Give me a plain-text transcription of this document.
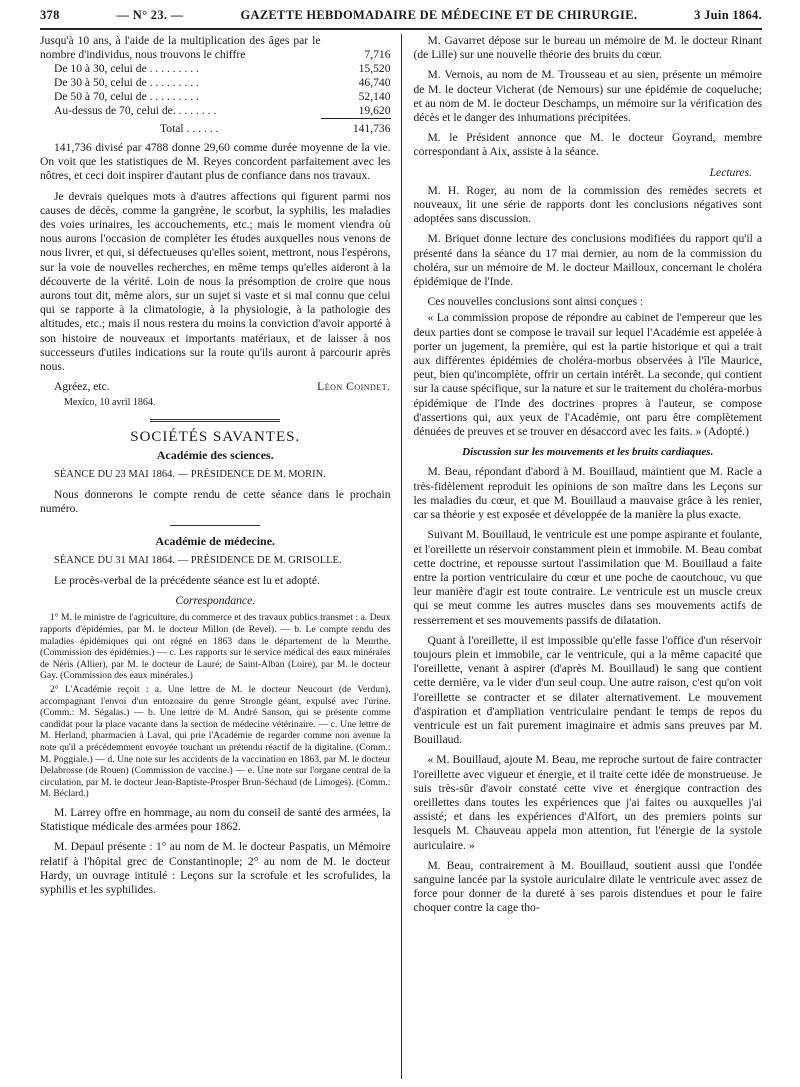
378	— N° 23. —	GAZETTE HEBDOMADAIRE DE MÉDECINE ET DE CHIRURGIE.	3 Juin 1864.
Jusqu'à 10 ans, à l'aide de la multiplication des âges par le nombre d'individus, nous trouvons le chiffre	7,716
De 10 à 30, celui de . . . . . . . . .	15,520
De 30 à 50, celui de . . . . . . . . .	46,740
De 50 à 70, celui de . . . . . . . . .	52,140
Au-dessus de 70, celui de. . . . . . . .	19,620
Total . . . . . .	141,736

141,736 divisé par 4788 donne 29,60 comme durée moyenne de la vie. On voit que les statistiques de M. Reyes concordent parfaitement avec les nôtres, et ceci doit inspirer d'autant plus de confiance dans nos travaux.

Je devrais quelques mots à d'autres affections qui figurent parmi nos causes de décès, comme la gangrène, le scorbut, la syphilis, les maladies des voies urinaires, les accouchements, etc.; mais le moment viendra où nous aurons l'occasion de compléter les études auxquelles nous venons de nous livrer, et qui, si défectueuses qu'elles soient, mettront, nous l'espérons, sur la voie de nouvelles recherches, en même temps qu'elles aideront à la découverte de la vérité. Loin de nous la présomption de croire que nous aurons tout dit, même alors, sur un sujet si vaste et si mal connu que celui qui se rapporte à la climatologie, à la physiologie, à la pathologie des altitudes, etc.; mais il nous restera du moins la conviction d'avoir apporté à son histoire de nouveaux et importants matériaux, et de laisser à nos successeurs d'utiles indications sur la route qu'ils auront à parcourir après nous.

Agréez, etc.	Léon Coindet.
Mexico, 10 avril 1864.
SOCIÉTÉS SAVANTES.
Académie des sciences.
SÉANCE DU 23 MAI 1864. — PRÉSIDENCE DE M. MORIN.

Nous donnerons le compte rendu de cette séance dans le prochain numéro.

Académie de médecine.
SÉANCE DU 31 MAI 1864. — PRÉSIDENCE DE M. GRISOLLE.

Le procès-verbal de la précédente séance est lu et adopté.

Correspondance.

1° M. le ministre de l'agriculture, du commerce et des travaux publics transmet : a. Deux rapports d'épidémies, par M. le docteur Millon (de Revel). — b. Le compte rendu des maladies épidémiques qui ont régné en 1863 dans le département de la Meurthe. (Commission des épidémies.) — c. Les rapports sur le service médical des eaux minérales de Néris (Allier), par M. le docteur de Lauré; de Saint-Alban (Loire), par M. le docteur Gay. (Commission des eaux minérales.)

2° L'Académie reçoit : a. Une lettre de M. le docteur Neucourt (de Verdun), accompagnant l'envoi d'un entozoaire du genre Strongle géant, expulsé avec l'urine. (Comm.: M. Ségalas.) — b. Une lettre de M. André Sanson, qui se présente comme candidat pour la place vacante dans la section de médecine vétérinaire. — c. Une lettre de M. Herland, pharmacien à Laval, qui prie l'Académie de regarder comme non avenue la note qu'il a précédemment envoyée touchant un prétendu réactif de la digitaline. (Comm.: M. Poggiale.) — d. Une note sur les accidents de la vaccination en 1863, par M. le docteur Delabrosse (de Rouen) (Commission de vaccine.) — e. Une note sur l'organe central de la circulation, par M. le docteur Jean-Baptiste-Prosper Brun-Séchaud (de Limoges). (Comm.: M. Béclard.)

M. Larrey offre en hommage, au nom du conseil de santé des armées, la Statistique médicale des armées pour 1862.

M. Depaul présente : 1° au nom de M. le docteur Paspatis, un Mémoire relatif à l'hôpital grec de Constantinople; 2° au nom de M. le docteur Hardy, un ouvrage intitulé : Leçons sur la scrofule et les scrofulides, la syphilis et les syphilides.

M. Gavarret dépose sur le bureau un mémoire de M. le docteur Rinant (de Lille) sur une nouvelle théorie des bruits du cœur.

M. Vernois, au nom de M. Trousseau et au sien, présente un mémoire de M. le docteur Vicherat (de Nemours) sur une épidémie de coqueluche; et au nom de M. le docteur Deschamps, un mémoire sur la vérification des décès et le danger des inhumations précipitées.

M. le Président annonce que M. le docteur Goyrand, membre correspondant à Aix, assiste à la séance.

Lectures.

M. H. Roger, au nom de la commission des remèdes secrets et nouveaux, lit une série de rapports dont les conclusions négatives sont adoptées sans discussion.

M. Briquet donne lecture des conclusions modifiées du rapport qu'il a présenté dans la séance du 17 mai dernier, au nom de la commission du choléra, sur un mémoire de M. le docteur Mailloux, concernant le choléra épidémique de l'Inde.

Ces nouvelles conclusions sont ainsi conçues :

« La commission propose de répondre au cabinet de l'empereur que les deux parties dont se compose le travail sur lequel l'Académie est appelée à porter un jugement, la première, qui est la partie historique et qui a trait aux différentes épidémies de choléra-morbus observées à l'île Maurice, peut, bien qu'incomplète, offrir un certain intérêt. La seconde, qui contient sur la cause spécifique, sur la nature et sur le traitement du choléra-morbus épidémique de l'Inde des doctrines propres à l'auteur, se compose d'assertions qui, aux yeux de l'Académie, ont paru être complètement dénuées de preuves et se trouver en désaccord avec les faits. » (Adopté.)

Discussion sur les mouvements et les bruits cardiaques.

M. Beau, répondant d'abord à M. Bouillaud, maintient que M. Racle a très-fidèlement reproduit les opinions de son maître dans les Leçons sur les maladies du cœur, et que M. Bouillaud a mauvaise grâce à les renier, car sa théorie y est exposée et développée de la manière la plus exacte.

Suivant M. Bouillaud, le ventricule est une pompe aspirante et foulante, et l'oreillette un réservoir constamment plein et immobile. M. Beau combat cette doctrine, et repousse surtout l'assimilation que M. Bouillaud a faite entre la portion ventriculaire du cœur et une poche de caoutchouc, vu que leur manière d'agir est toute contraire. Le ventricule est un muscle creux qui se meut comme les autres muscles dans ses mouvements actifs de resserrement et ses mouvements passifs de dilatation.

Quant à l'oreillette, il est impossible qu'elle fasse l'office d'un réservoir toujours plein et immobile, car le ventricule, qui a la même capacité que l'oreillette, venant à aspirer (d'après M. Bouillaud) le sang que contient cette dernière, va le vider d'un seul coup. Une autre raison, c'est qu'on voit l'oreillette se contracter et se dilater alternativement. Le mouvement d'aspiration et d'ampliation ventriculaire pendant le temps de repos du ventricule est un fait purement imaginaire et admis sans preuves par M. Bouillaud.

« M. Bouillaud, ajoute M. Beau, me reproche surtout de faire contracter l'oreillette avec vigueur et énergie, et il traite cette idée de monstrueuse. Je suis très-sûr d'avoir constaté cette vive et énergique contraction des oreillettes dans toutes les expériences que j'ai faites ou auxquelles j'ai assisté; et dans les expériences d'Alfort, un des premiers points sur lesquels M. Chauveau appela mon attention, fut l'énergie de la systole auriculaire. »

M. Beau, contrairement à M. Bouillaud, soutient aussi que l'ondée sanguine lancée par la systole auriculaire dilate le ventricule avec assez de force pour donner de la dureté à ses parois distendues et pour le faire choquer contre la cage tho-
